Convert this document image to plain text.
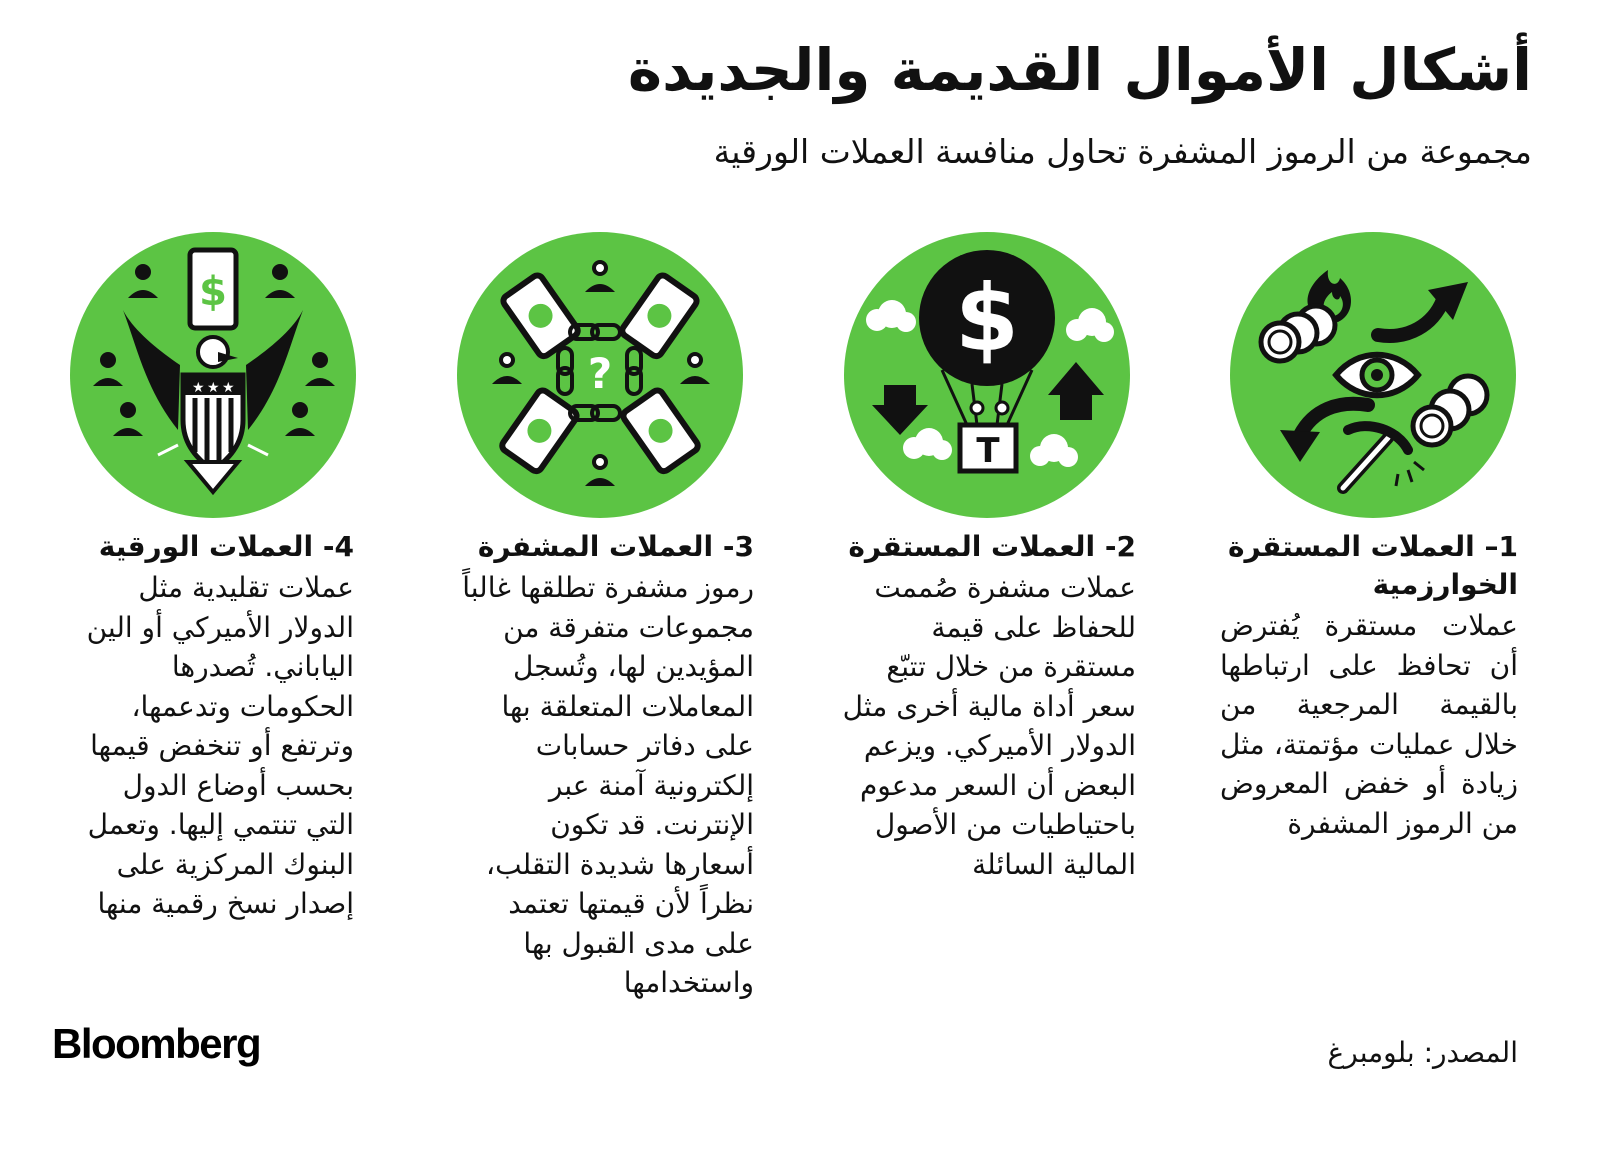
أشكال الأموال القديمة والجديدة

مجموعة من الرموز المشفرة تحاول منافسة العملات الورقية

$
T
?
$
★ ★ ★

1– العملات المستقرة الخوارزمية

عملات مستقرة يُفترض أن تحافظ على ارتباطها بالقيمة المرجعية من خلال عمليات مؤتمتة، مثل زيادة أو خفض المعروض من الرموز المشفرة

2- العملات المستقرة

عملات مشفرة صُممت للحفاظ على قيمة مستقرة من خلال تتبّع سعر أداة مالية أخرى مثل الدولار الأميركي. ويزعم البعض أن السعر مدعوم باحتياطيات من الأصول المالية السائلة

3- العملات المشفرة

رموز مشفرة تطلقها غالباً مجموعات متفرقة من المؤيدين لها، وتُسجل المعاملات المتعلقة بها على دفاتر حسابات إلكترونية آمنة عبر الإنترنت. قد تكون أسعارها شديدة التقلب، نظراً لأن قيمتها تعتمد على مدى القبول بها واستخدامها

4- العملات الورقية

عملات تقليدية مثل الدولار الأميركي أو الين الياباني. تُصدرها الحكومات وتدعمها، وترتفع أو تنخفض قيمها بحسب أوضاع الدول التي تنتمي إليها. وتعمل البنوك المركزية على إصدار نسخ رقمية منها

Bloomberg	المصدر: بلومبرغ
